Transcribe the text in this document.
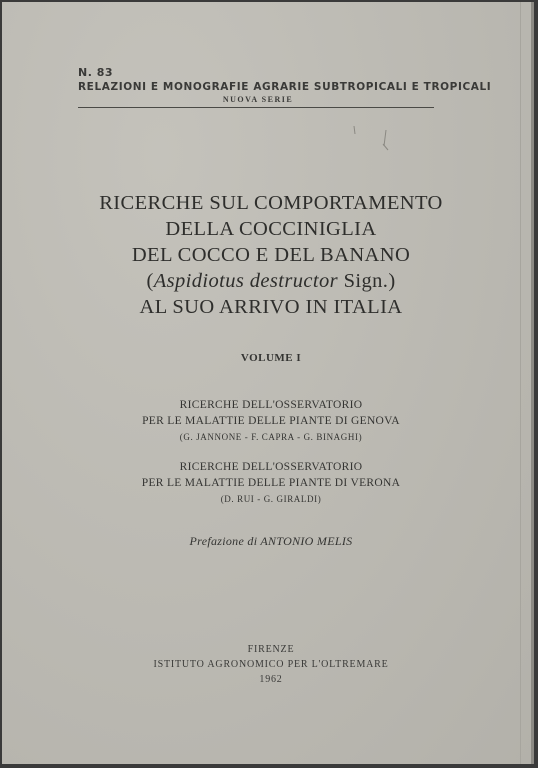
N. 83
RELAZIONI E MONOGRAFIE AGRARIE SUBTROPICALI E TROPICALI
NUOVA SERIE
RICERCHE SUL COMPORTAMENTO
DELLA COCCINIGLIA
DEL COCCO E DEL BANANO
(Aspidiotus destructor Sign.)
AL SUO ARRIVO IN ITALIA
VOLUME I
RICERCHE DELL'OSSERVATORIO
PER LE MALATTIE DELLE PIANTE DI GENOVA
(G. JANNONE - F. CAPRA - G. BINAGHI)
RICERCHE DELL'OSSERVATORIO
PER LE MALATTIE DELLE PIANTE DI VERONA
(D. RUI - G. GIRALDI)
Prefazione di ANTONIO MELIS
FIRENZE
ISTITUTO AGRONOMICO PER L'OLTREMARE
1962
